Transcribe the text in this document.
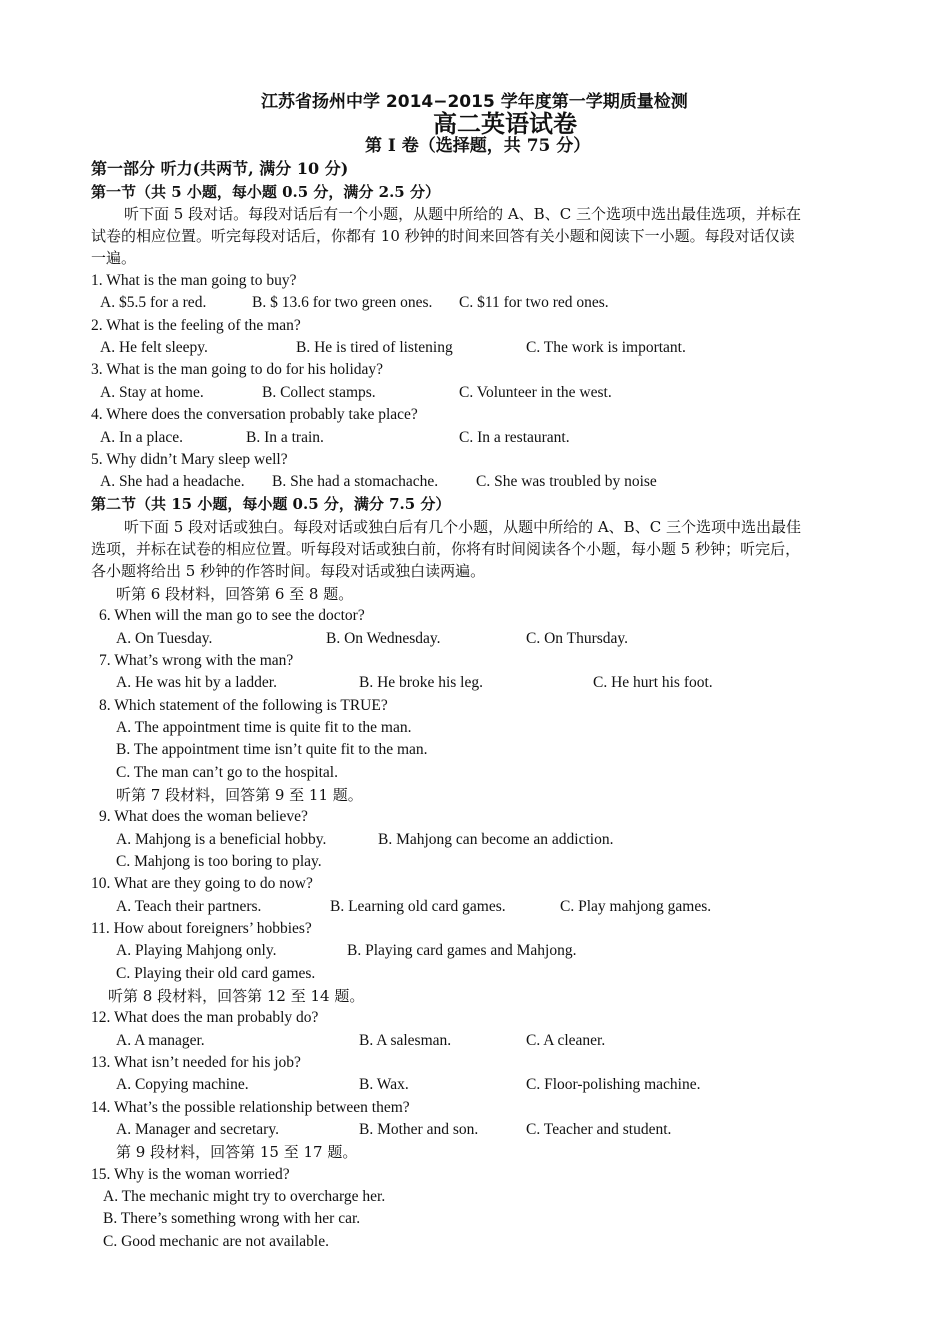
江苏省扬州中学 2014−2015 学年度第一学期质量检测
高二英语试卷
第 I 卷（选择题，共 75 分）
第一部分 听力(共两节, 满分 10 分)
第一节（共 5 小题，每小题 0.5 分，满分 2.5 分）
听下面 5 段对话。每段对话后有一个小题，从题中所给的 A、B、C 三个选项中选出最佳选项，并标在
试卷的相应位置。听完每段对话后，你都有 10 秒钟的时间来回答有关小题和阅读下一小题。每段对话仅读
一遍。
1. What is the man going to buy?
A. $5.5 for a red.	B. $ 13.6 for two green ones. C. $11 for two red ones.
2. What is the feeling of the man?
A. He felt sleepy.	B. He is tired of listening	C. The work is important.
3. What is the man going to do for his holiday?
A. Stay at home.	B. Collect stamps.	C. Volunteer in the west.
4. Where does the conversation probably take place?
A. In a place.	B. In a train.	C. In a restaurant.
5. Why didn’t Mary sleep well?
A. She had a headache. B. She had a stomachache. C. She was troubled by noise
第二节（共 15 小题，每小题 0.5 分，满分 7.5 分）
听下面 5 段对话或独白。每段对话或独白后有几个小题，从题中所给的 A、B、C 三个选项中选出最佳
选项，并标在试卷的相应位置。听每段对话或独白前，你将有时间阅读各个小题，每小题 5 秒钟；听完后，
各小题将给出 5 秒钟的作答时间。每段对话或独白读两遍。
听第 6 段材料，回答第 6 至 8 题。
6. When will the man go to see the doctor?
A. On Tuesday.	B. On Wednesday.	C. On Thursday.
7. What’s wrong with the man?
A. He was hit by a ladder.	B. He broke his leg.	C. He hurt his foot.
8. Which statement of the following is TRUE?
A. The appointment time is quite fit to the man.
B. The appointment time isn’t quite fit to the man.
C. The man can’t go to the hospital.
听第 7 段材料，回答第 9 至 11 题。
9. What does the woman believe?
A. Mahjong is a beneficial hobby.	B. Mahjong can become an addiction.
C. Mahjong is too boring to play.
10. What are they going to do now?
A. Teach their partners.	B. Learning old card games.	C. Play mahjong games.
11. How about foreigners’ hobbies?
A. Playing Mahjong only.	B. Playing card games and Mahjong.
C. Playing their old card games.
听第 8 段材料，回答第 12 至 14 题。
12. What does the man probably do?
A. A manager.	B. A salesman.	C. A cleaner.
13. What isn’t needed for his job?
A. Copying machine.	B. Wax.	C. Floor-polishing machine.
14. What’s the possible relationship between them?
A. Manager and secretary.	B. Mother and son.	C. Teacher and student.
第 9 段材料，回答第 15 至 17 题。
15. Why is the woman worried?
A. The mechanic might try to overcharge her.
B. There’s something wrong with her car.
C. Good mechanic are not available.
